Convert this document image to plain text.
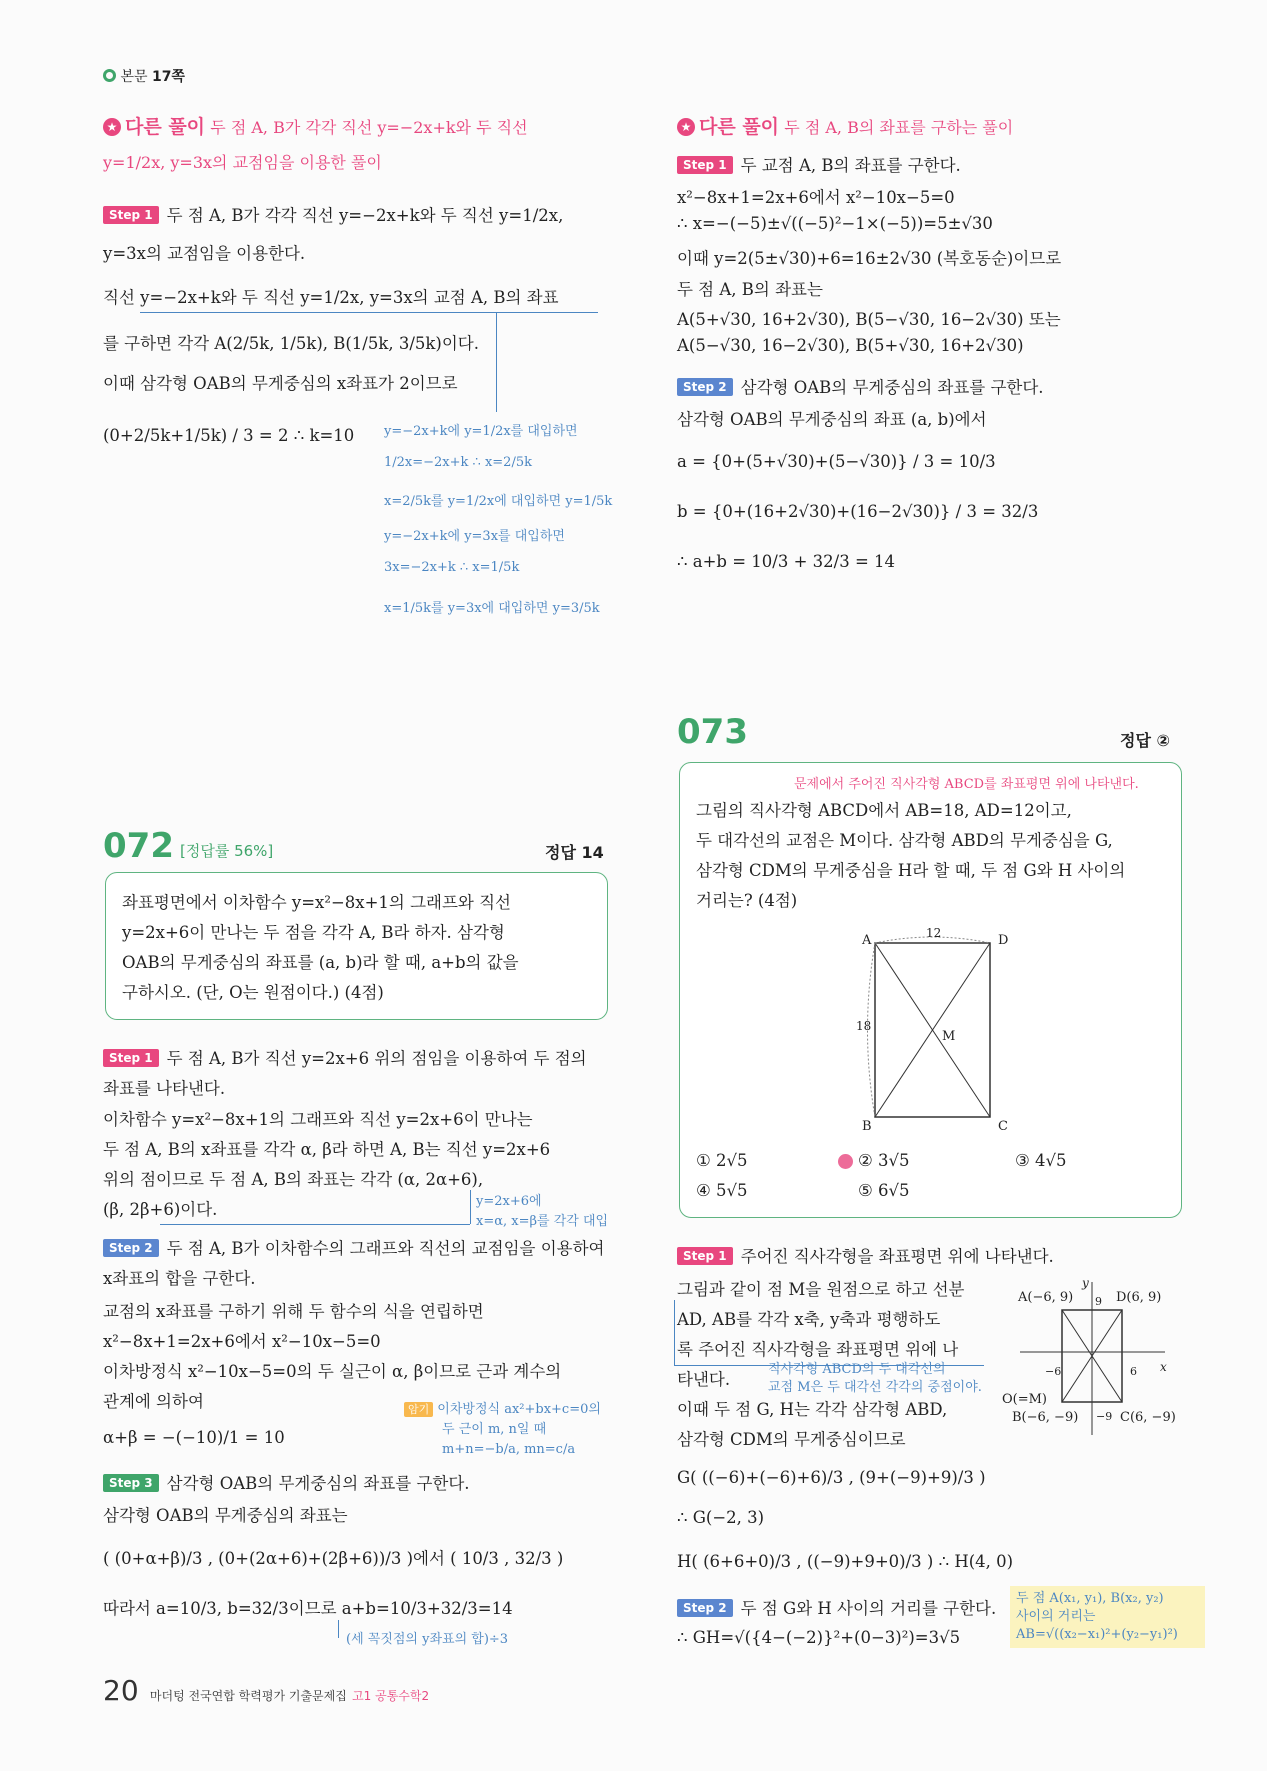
본문 17쪽
★ 다른 풀이 두 점 A, B가 각각 직선 y=−2x+k와 두 직선
y=1/2x, y=3x의 교점임을 이용한 풀이
Step 1 두 점 A, B가 각각 직선 y=−2x+k와 두 직선 y=1/2x,
y=3x의 교점임을 이용한다.
직선 y=−2x+k와 두 직선 y=1/2x, y=3x의 교점 A, B의 좌표
를 구하면 각각 A(2/5k, 1/5k), B(1/5k, 3/5k)이다.
이때 삼각형 OAB의 무게중심의 x좌표가 2이므로
(0+2/5k+1/5k) / 3 = 2 ∴ k=10 y=−2x+k에 y=1/2x를 대입하면
1/2x=−2x+k ∴ x=2/5k
x=2/5k를 y=1/2x에 대입하면 y=1/5k
y=−2x+k에 y=3x를 대입하면
3x=−2x+k ∴ x=1/5k
x=1/5k를 y=3x에 대입하면 y=3/5k
★ 다른 풀이 두 점 A, B의 좌표를 구하는 풀이
Step 1 두 교점 A, B의 좌표를 구한다.
x²−8x+1=2x+6에서 x²−10x−5=0
∴ x=−(−5)±√((−5)²−1×(−5))=5±√30
이때 y=2(5±√30)+6=16±2√30 (복호동순)이므로
두 점 A, B의 좌표는
A(5+√30, 16+2√30), B(5−√30, 16−2√30) 또는
A(5−√30, 16−2√30), B(5+√30, 16+2√30)
Step 2 삼각형 OAB의 무게중심의 좌표를 구한다.
삼각형 OAB의 무게중심의 좌표 (a, b)에서
a = {0+(5+√30)+(5−√30)} / 3 = 10/3
b = {0+(16+2√30)+(16−2√30)} / 3 = 32/3
∴ a+b = 10/3 + 32/3 = 14
072 [정답률 56%]	정답 14
좌표평면에서 이차함수 y=x²−8x+1의 그래프와 직선
y=2x+6이 만나는 두 점을 각각 A, B라 하자. 삼각형
OAB의 무게중심의 좌표를 (a, b)라 할 때, a+b의 값을
구하시오. (단, O는 원점이다.) (4점)
Step 1 두 점 A, B가 직선 y=2x+6 위의 점임을 이용하여 두 점의
좌표를 나타낸다.
이차함수 y=x²−8x+1의 그래프와 직선 y=2x+6이 만나는
두 점 A, B의 x좌표를 각각 α, β라 하면 A, B는 직선 y=2x+6
위의 점이므로 두 점 A, B의 좌표는 각각 (α, 2α+6),
(β, 2β+6)이다.	y=2x+6에
x=α, x=β를 각각 대입
Step 2 두 점 A, B가 이차함수의 그래프와 직선의 교점임을 이용하여
x좌표의 합을 구한다.
교점의 x좌표를 구하기 위해 두 함수의 식을 연립하면
x²−8x+1=2x+6에서 x²−10x−5=0
이차방정식 x²−10x−5=0의 두 실근이 α, β이므로 근과 계수의
관계에 의하여
α+β = −(−10)/1 = 10
암기 이차방정식 ax²+bx+c=0의
두 근이 m, n일 때
m+n=−b/a, mn=c/a
Step 3 삼각형 OAB의 무게중심의 좌표를 구한다.
삼각형 OAB의 무게중심의 좌표는
( (0+α+β)/3 , (0+(2α+6)+(2β+6))/3 )에서 ( 10/3 , 32/3 )
따라서 a=10/3, b=32/3이므로 a+b=10/3+32/3=14
(세 꼭짓점의 y좌표의 합)÷3
073	정답 ②
문제에서 주어진 직사각형 ABCD를 좌표평면 위에 나타낸다.
그림의 직사각형 ABCD에서 AB=18, AD=12이고,
두 대각선의 교점은 M이다. 삼각형 ABD의 무게중심을 G,
삼각형 CDM의 무게중심을 H라 할 때, 두 점 G와 H 사이의
거리는? (4점)
A	D
B	C
M
12
18
① 2√5	② 3√5	③ 4√5
④ 5√5	⑤ 6√5
Step 1 주어진 직사각형을 좌표평면 위에 나타낸다.
그림과 같이 점 M을 원점으로 하고 선분
AD, AB를 각각 x축, y축과 평행하도
록 주어진 직사각형을 좌표평면 위에 나
타낸다.
직사각형 ABCD의 두 대각선의
교점 M은 두 대각선 각각의 중점이야.
A(−6, 9)	D(6, 9)
B(−6, −9)	C(6, −9)
O(=M)
y
x
−6	6
9
−9
이때 두 점 G, H는 각각 삼각형 ABD,
삼각형 CDM의 무게중심이므로
G( ((−6)+(−6)+6)/3 , (9+(−9)+9)/3 )
∴ G(−2, 3)
H( (6+6+0)/3 , ((−9)+9+0)/3 ) ∴ H(4, 0)
Step 2 두 점 G와 H 사이의 거리를 구한다.
∴ GH=√({4−(−2)}²+(0−3)²)=3√5
두 점 A(x₁, y₁), B(x₂, y₂)
사이의 거리는
AB=√((x₂−x₁)²+(y₂−y₁)²)
20 마더텅 전국연합 학력평가 기출문제집 고1 공통수학2
